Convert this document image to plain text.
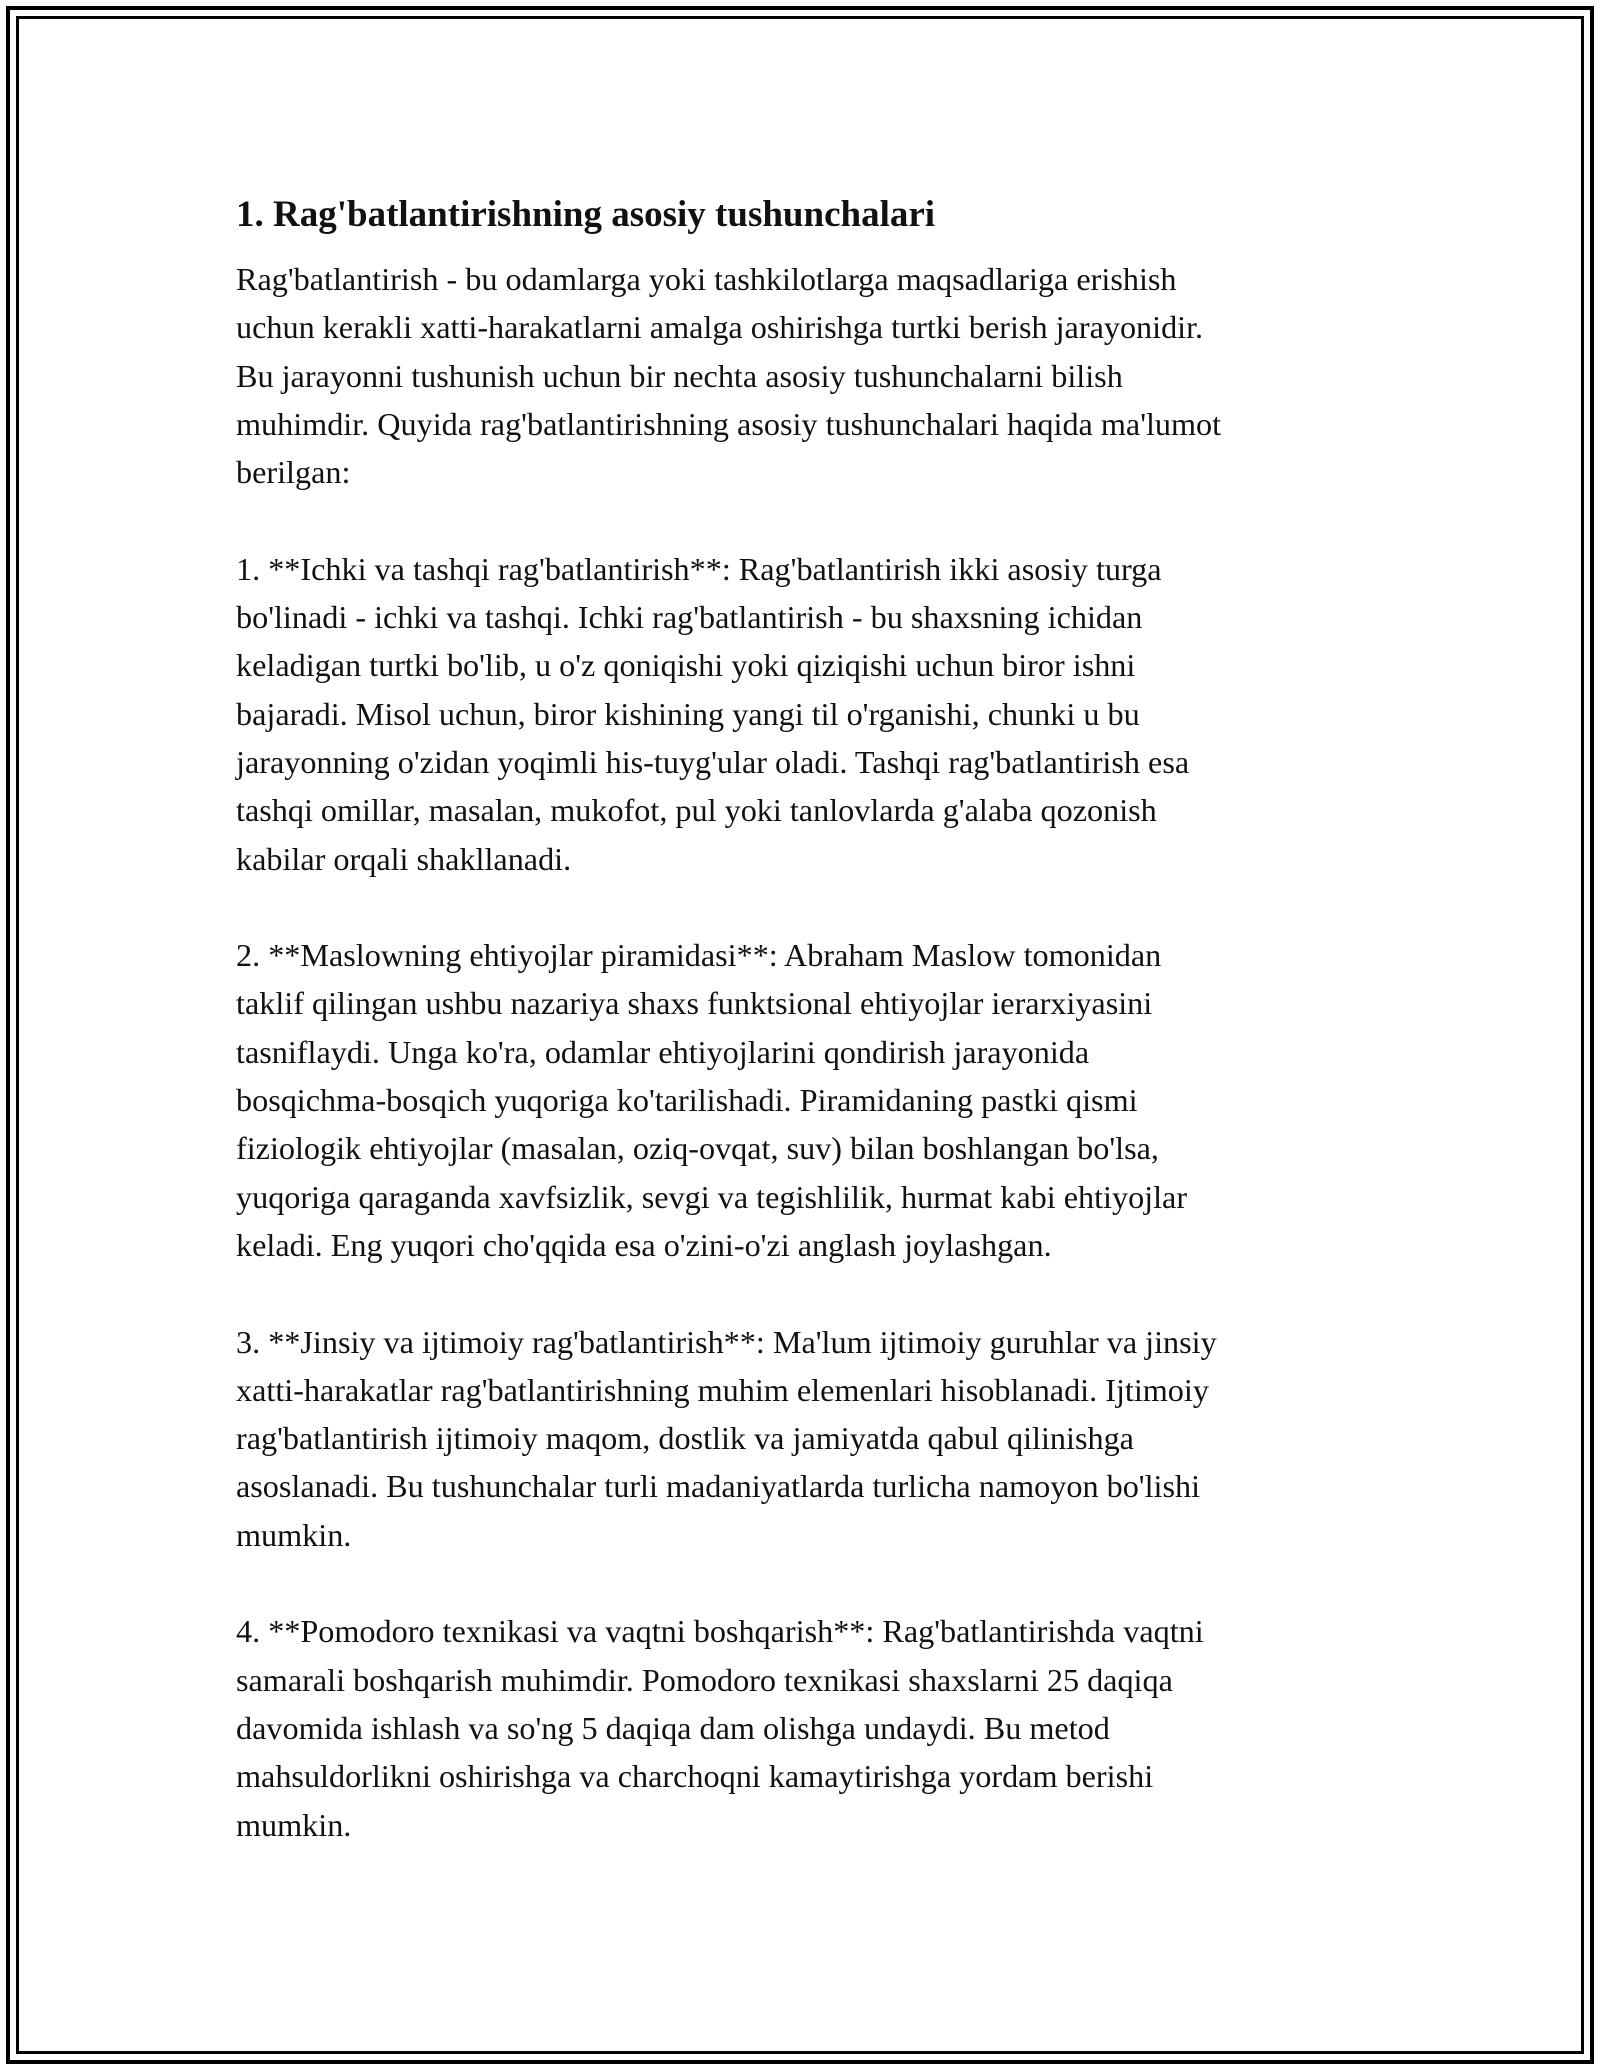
1. Rag'batlantirishning asosiy tushunchalari

Rag'batlantirish - bu odamlarga yoki tashkilotlarga maqsadlariga erishish
uchun kerakli xatti-harakatlarni amalga oshirishga turtki berish jarayonidir.
Bu jarayonni tushunish uchun bir nechta asosiy tushunchalarni bilish
muhimdir. Quyida rag'batlantirishning asosiy tushunchalari haqida ma'lumot
berilgan:

1. **Ichki va tashqi rag'batlantirish**: Rag'batlantirish ikki asosiy turga
bo'linadi - ichki va tashqi. Ichki rag'batlantirish - bu shaxsning ichidan
keladigan turtki bo'lib, u o'z qoniqishi yoki qiziqishi uchun biror ishni
bajaradi. Misol uchun, biror kishining yangi til o'rganishi, chunki u bu
jarayonning o'zidan yoqimli his-tuyg'ular oladi. Tashqi rag'batlantirish esa
tashqi omillar, masalan, mukofot, pul yoki tanlovlarda g'alaba qozonish
kabilar orqali shakllanadi.

2. **Maslowning ehtiyojlar piramidasi**: Abraham Maslow tomonidan
taklif qilingan ushbu nazariya shaxs funktsional ehtiyojlar ierarxiyasini
tasniflaydi. Unga ko'ra, odamlar ehtiyojlarini qondirish jarayonida
bosqichma-bosqich yuqoriga ko'tarilishadi. Piramidaning pastki qismi
fiziologik ehtiyojlar (masalan, oziq-ovqat, suv) bilan boshlangan bo'lsa,
yuqoriga qaraganda xavfsizlik, sevgi va tegishlilik, hurmat kabi ehtiyojlar
keladi. Eng yuqori cho'qqida esa o'zini-o'zi anglash joylashgan.

3. **Jinsiy va ijtimoiy rag'batlantirish**: Ma'lum ijtimoiy guruhlar va jinsiy
xatti-harakatlar rag'batlantirishning muhim elemenlari hisoblanadi. Ijtimoiy
rag'batlantirish ijtimoiy maqom, dostlik va jamiyatda qabul qilinishga
asoslanadi. Bu tushunchalar turli madaniyatlarda turlicha namoyon bo'lishi
mumkin.

4. **Pomodoro texnikasi va vaqtni boshqarish**: Rag'batlantirishda vaqtni
samarali boshqarish muhimdir. Pomodoro texnikasi shaxslarni 25 daqiqa
davomida ishlash va so'ng 5 daqiqa dam olishga undaydi. Bu metod
mahsuldorlikni oshirishga va charchoqni kamaytirishga yordam berishi
mumkin.
